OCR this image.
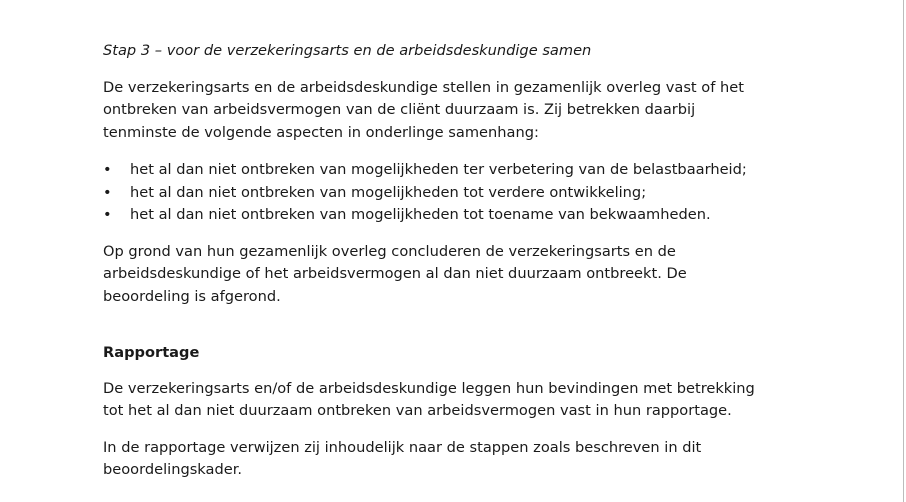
Stap 3 – voor de verzekeringsarts en de arbeidsdeskundige samen

De verzekeringsarts en de arbeidsdeskundige stellen in gezamenlijk overleg vast of het
ontbreken van arbeidsvermogen van de cliënt duurzaam is. Zij betrekken daarbij
tenminste de volgende aspecten in onderlinge samenhang:

• het al dan niet ontbreken van mogelijkheden ter verbetering van de belastbaarheid;
• het al dan niet ontbreken van mogelijkheden tot verdere ontwikkeling;
• het al dan niet ontbreken van mogelijkheden tot toename van bekwaamheden.

Op grond van hun gezamenlijk overleg concluderen de verzekeringsarts en de
arbeidsdeskundige of het arbeidsvermogen al dan niet duurzaam ontbreekt. De
beoordeling is afgerond.

Rapportage

De verzekeringsarts en/of de arbeidsdeskundige leggen hun bevindingen met betrekking
tot het al dan niet duurzaam ontbreken van arbeidsvermogen vast in hun rapportage.

In de rapportage verwijzen zij inhoudelijk naar de stappen zoals beschreven in dit
beoordelingskader.
